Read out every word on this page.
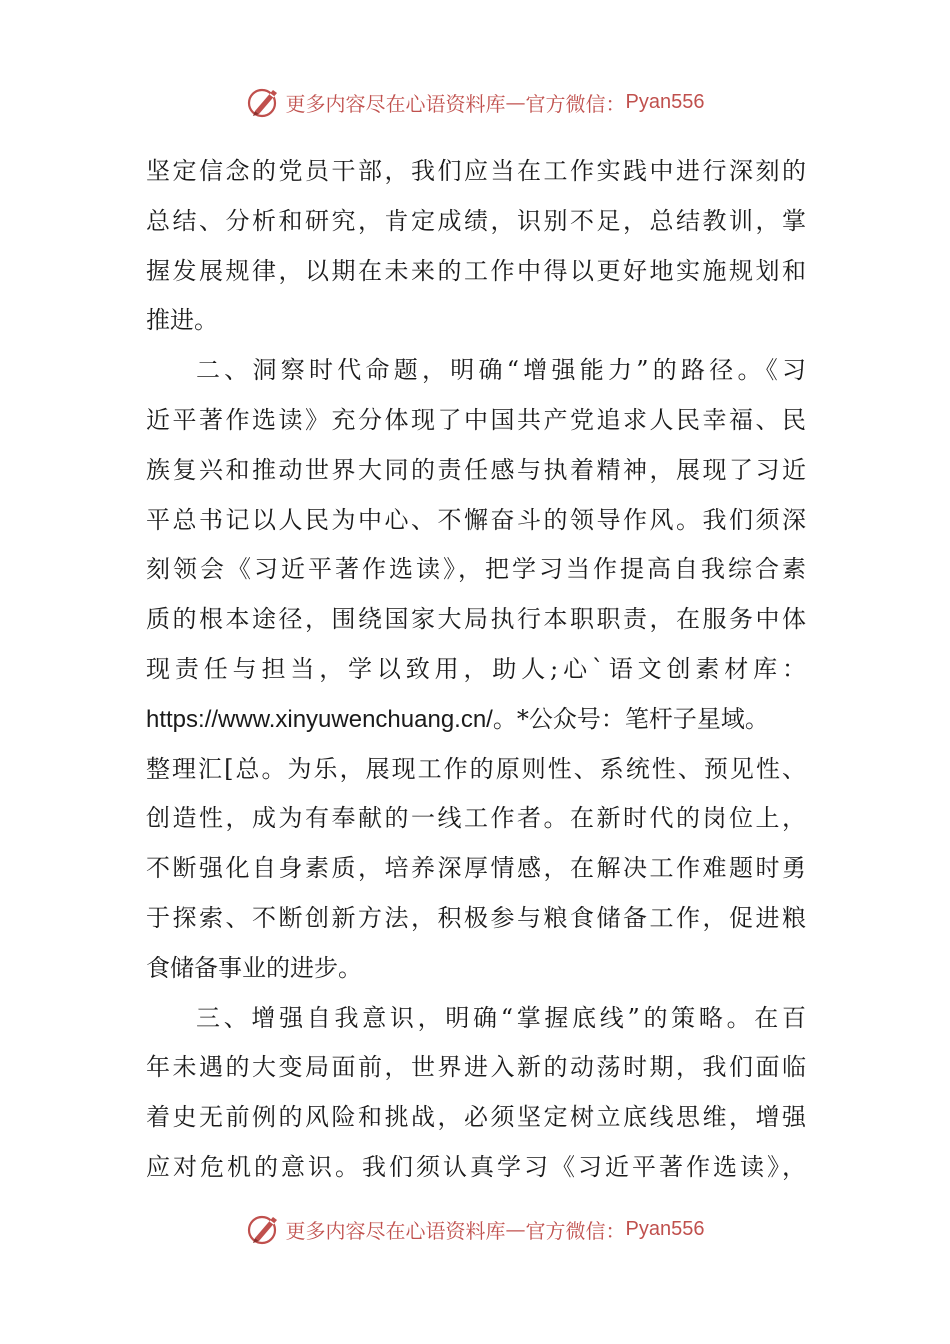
更多内容尽在心语资料库 — 官方微信： Pyan556
坚定信念的党员干部，我们应当在工作实践中进行深刻的
总结、分析和研究，肯定成绩，识别不足，总结教训，掌
握发展规律，以期在未来的工作中得以更好地实施规划和
推进。
二、洞察时代命题，明确“增强能力”的路径。《习
近平著作选读》充分体现了中国共产党追求人民幸福、民
族复兴和推动世界大同的责任感与执着精神，展现了习近
平总书记以人民为中心、不懈奋斗的领导作风。我们须深
刻领会《习近平著作选读》，把学习当作提高自我综合素
质的根本途径，围绕国家大局执行本职职责，在服务中体
现责任与担当，学以致用，助人;心`语文创素材库：
https://www.xinyuwenchuang.cn/。*公众号：笔杆子星域。
整理汇[总。为乐，展现工作的原则性、系统性、预见性、
创造性，成为有奉献的一线工作者。在新时代的岗位上，
不断强化自身素质，培养深厚情感，在解决工作难题时勇
于探索、不断创新方法，积极参与粮食储备工作，促进粮
食储备事业的进步。
三、增强自我意识，明确“掌握底线”的策略。在百
年未遇的大变局面前，世界进入新的动荡时期，我们面临
着史无前例的风险和挑战，必须坚定树立底线思维，增强
应对危机的意识。我们须认真学习《习近平著作选读》，
更多内容尽在心语资料库 — 官方微信： Pyan556
